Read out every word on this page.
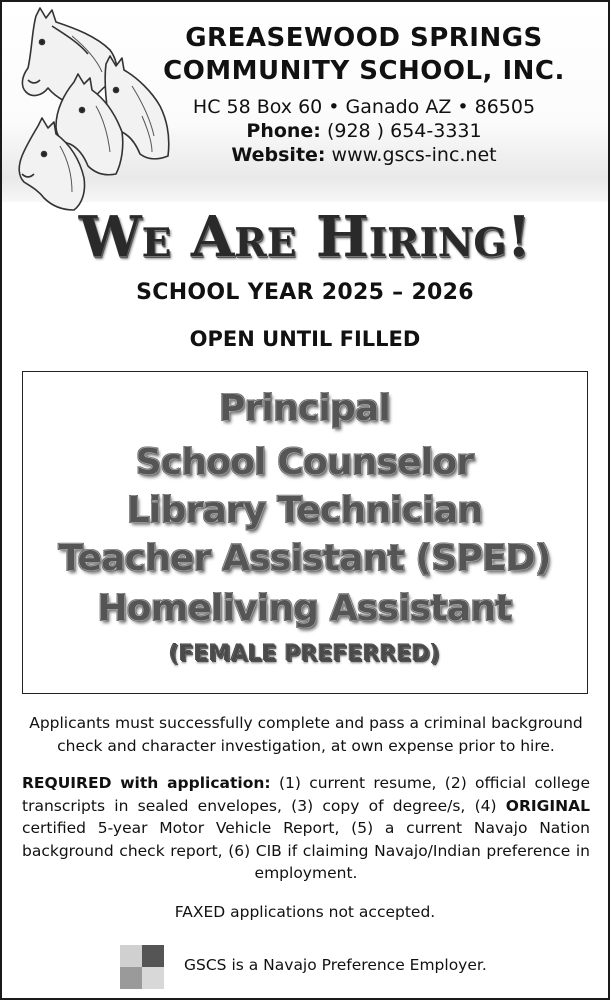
GREASEWOOD SPRINGS
COMMUNITY SCHOOL, INC.
HC 58 Box 60 • Ganado AZ • 86505
Phone: (928 ) 654-3331
Website: www.gscs-inc.net
We Are Hiring!
SCHOOL YEAR 2025 – 2026
OPEN UNTIL FILLED
Principal
School Counselor
Library Technician
Teacher Assistant (SPED)
Homeliving Assistant
(FEMALE PREFERRED)
Applicants must successfully complete and pass a criminal background check and character investigation, at own expense prior to hire.
REQUIRED with application: (1) current resume, (2) official college transcripts in sealed envelopes, (3) copy of degree/s, (4) ORIGINAL certified 5-year Motor Vehicle Report, (5) a current Navajo Nation background check report, (6) CIB if claiming Navajo/Indian preference in employment.
FAXED applications not accepted.
GSCS is a Navajo Preference Employer.
